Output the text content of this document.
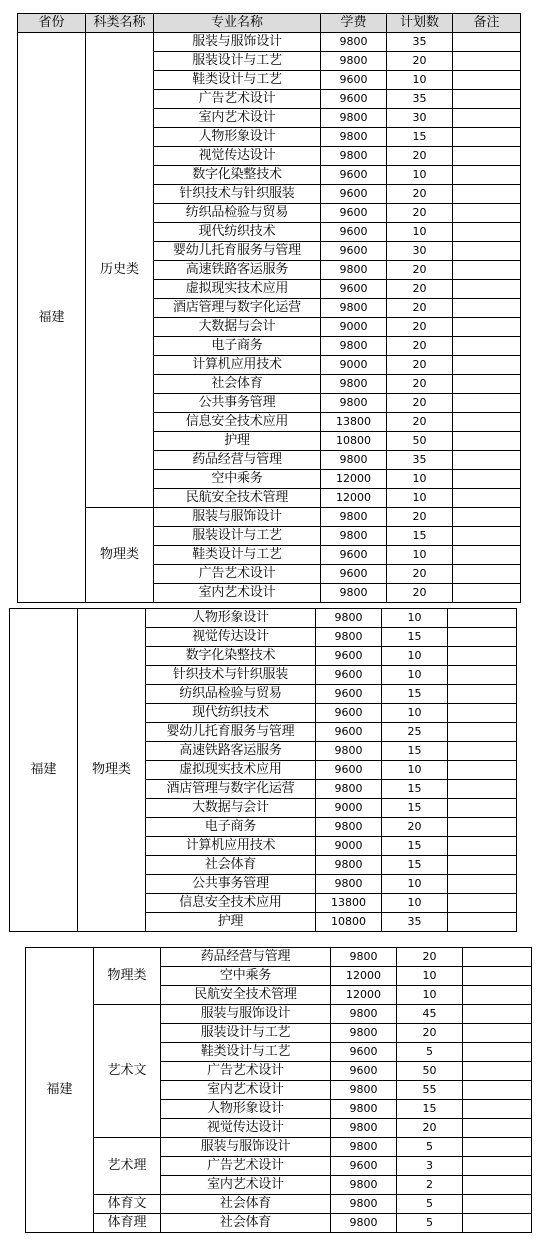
省份	科类名称	专业名称	学费	计划数	备注
福建	历史类	服装与服饰设计	9800	35	
		服装设计与工艺	9800	20	
		鞋类设计与工艺	9600	10	
		广告艺术设计	9600	35	
		室内艺术设计	9800	30	
		人物形象设计	9800	15	
		视觉传达设计	9800	20	
		数字化染整技术	9600	10	
		针织技术与针织服装	9600	20	
		纺织品检验与贸易	9600	20	
		现代纺织技术	9600	10	
		婴幼儿托育服务与管理	9600	30	
		高速铁路客运服务	9800	20	
		虚拟现实技术应用	9600	20	
		酒店管理与数字化运营	9800	20	
		大数据与会计	9000	20	
		电子商务	9800	20	
		计算机应用技术	9000	20	
		社会体育	9800	20	
		公共事务管理	9800	20	
		信息安全技术应用	13800	20	
		护理	10800	50	
		药品经营与管理	9800	35	
		空中乘务	12000	10	
		民航安全技术管理	12000	10	
	物理类	服装与服饰设计	9800	20	
		服装设计与工艺	9800	15	
		鞋类设计与工艺	9600	10	
		广告艺术设计	9600	20	
		室内艺术设计	9800	20	
福建	物理类	人物形象设计	9800	10	
		视觉传达设计	9800	15	
		数字化染整技术	9600	10	
		针织技术与针织服装	9600	10	
		纺织品检验与贸易	9600	15	
		现代纺织技术	9600	10	
		婴幼儿托育服务与管理	9600	25	
		高速铁路客运服务	9800	15	
		虚拟现实技术应用	9600	10	
		酒店管理与数字化运营	9800	15	
		大数据与会计	9000	15	
		电子商务	9800	20	
		计算机应用技术	9000	15	
		社会体育	9800	15	
		公共事务管理	9800	10	
		信息安全技术应用	13800	10	
		护理	10800	35	
福建	物理类	药品经营与管理	9800	20	
		空中乘务	12000	10	
		民航安全技术管理	12000	10	
	艺术文	服装与服饰设计	9800	45	
		服装设计与工艺	9800	20	
		鞋类设计与工艺	9600	5	
		广告艺术设计	9600	50	
		室内艺术设计	9800	55	
		人物形象设计	9800	15	
		视觉传达设计	9800	20	
	艺术理	服装与服饰设计	9800	5	
		广告艺术设计	9600	3	
		室内艺术设计	9800	2	
	体育文	社会体育	9800	5	
	体育理	社会体育	9800	5	
